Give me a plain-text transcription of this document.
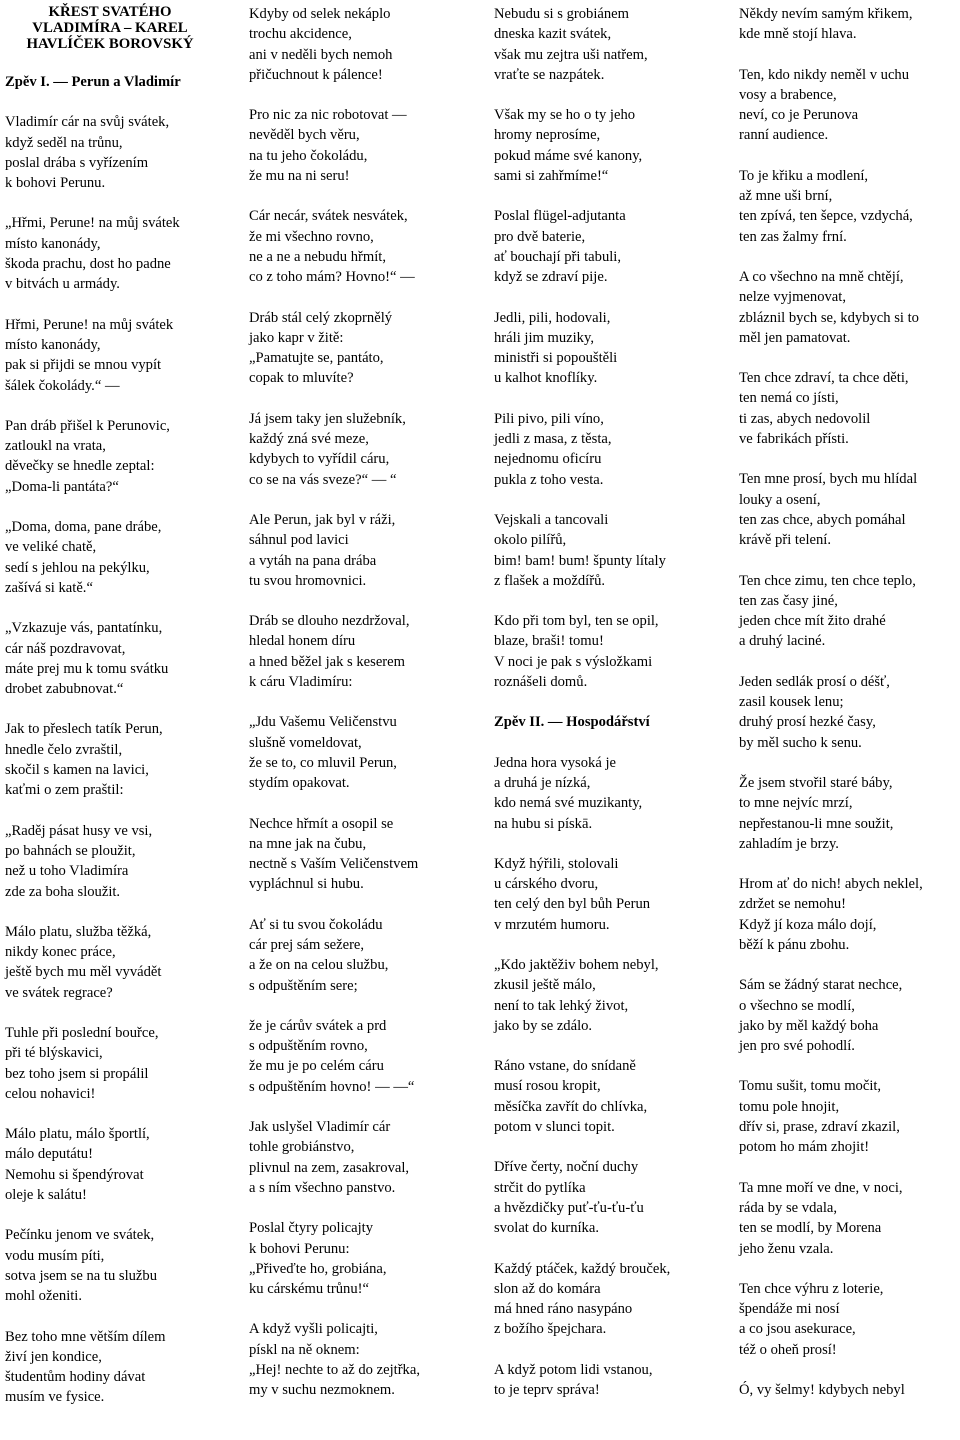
KŘEST SVATÉHO
VLADIMÍRA – KAREL
HAVLÍČEK BOROVSKÝ
Zpěv I. — Perun a Vladimír
Vladimír cár na svůj svátek,
když seděl na trůnu,
poslal drába s vyřízením
k bohovi Perunu.
„Hřmi, Perune! na můj svátek
místo kanonády,
škoda prachu, dost ho padne
v bitvách u armády.
Hřmi, Perune! na můj svátek
místo kanonády,
pak si přijdi se mnou vypít
šálek čokolády.“ —
Pan dráb přišel k Perunovic,
zatloukl na vrata,
děvečky se hnedle zeptal:
„Doma-li pantáta?“
„Doma, doma, pane drábe,
ve veliké chatě,
sedí s jehlou na pekýlku,
zašívá si katě.“
„Vzkazuje vás, pantatínku,
cár náš pozdravovat,
máte prej mu k tomu svátku
drobet zabubnovat.“
Jak to přeslech tatík Perun,
hnedle čelo zvraštil,
skočil s kamen na lavici,
kaťmi o zem praštil:
„Raděj pásat husy ve vsi,
po bahnách se ploužit,
než u toho Vladimíra
zde za boha sloužit.
Málo platu, služba těžká,
nikdy konec práce,
ještě bych mu měl vyvádět
ve svátek regrace?
Tuhle při poslední bouřce,
při té blýskavici,
bez toho jsem si propálil
celou nohavici!
Málo platu, málo športlí,
málo deputátu!
Nemohu si špendýrovat
oleje k salátu!
Pečínku jenom ve svátek,
vodu musím píti,
sotva jsem se na tu službu
mohl oženiti.
Bez toho mne větším dílem
živí jen kondice,
študentům hodiny dávat
musím ve fysice.
Kdyby od selek nekáplo
trochu akcidence,
ani v neděli bych nemoh
přičuchnout k pálence!
Pro nic za nic robotovat —
nevěděl bych věru,
na tu jeho čokoládu,
že mu na ni seru!
Cár necár, svátek nesvátek,
že mi všechno rovno,
ne a ne a nebudu hřmít,
co z toho mám? Hovno!“ —
Dráb stál celý zkoprnělý
jako kapr v žitě:
„Pamatujte se, pantáto,
copak to mluvíte?
Já jsem taky jen služebník,
každý zná své meze,
kdybych to vyřídil cáru,
co se na vás sveze?“ — “
Ale Perun, jak byl v ráži,
sáhnul pod lavici
a vytáh na pana drába
tu svou hromovnici.
Dráb se dlouho nezdržoval,
hledal honem díru
a hned běžel jak s keserem
k cáru Vladimíru:
„Jdu Vašemu Veličenstvu
slušně vomeldovat,
že se to, co mluvil Perun,
stydím opakovat.
Nechce hřmít a osopil se
na mne jak na čubu,
nectně s Vaším Veličenstvem
vypláchnul si hubu.
Ať si tu svou čokoládu
cár prej sám sežere,
a že on na celou službu,
s odpuštěním sere;
že je cárův svátek a prd
s odpuštěním rovno,
že mu je po celém cáru
s odpuštěním hovno! — —“
Jak uslyšel Vladimír cár
tohle grobiánstvo,
plivnul na zem, zasakroval,
a s ním všechno panstvo.
Poslal čtyry policajty
k bohovi Perunu:
„Přiveďte ho, grobiána,
ku cárskému trůnu!“
A když vyšli policajti,
pískl na ně oknem:
„Hej! nechte to až do zejtřka,
my v suchu nezmoknem.
Nebudu si s grobiánem
dneska kazit svátek,
však mu zejtra uši natřem,
vraťte se nazpátek.
Však my se ho o ty jeho
hromy neprosíme,
pokud máme své kanony,
sami si zahřmíme!“
Poslal flügel-adjutanta
pro dvě baterie,
ať bouchají při tabuli,
když se zdraví pije.
Jedli, pili, hodovali,
hráli jim muziky,
ministři si popouštěli
u kalhot knoflíky.
Pili pivo, pili víno,
jedli z masa, z těsta,
nejednomu oficíru
pukla z toho vesta.
Vejskali a tancovali
okolo pilířů,
bim! bam! bum! špunty lítaly
z flašek a moždířů.
Kdo při tom byl, ten se opil,
blaze, braši! tomu!
V noci je pak s výsložkami
roznášeli domů.
Zpěv II. — Hospodářství
Jedna hora vysoká je
a druhá je nízká,
kdo nemá své muzikanty,
na hubu si pískā.
Když hýřili, stolovali
u cárského dvoru,
ten celý den byl bůh Perun
v mrzutém humoru.
„Kdo jaktěživ bohem nebyl,
zkusil ještě málo,
není to tak lehký život,
jako by se zdálo.
Ráno vstane, do snídaně
musí rosou kropit,
měsíčka zavřít do chlívka,
potom v slunci topit.
Dříve čerty, noční duchy
strčit do pytlíka
a hvězdičky puť-ťu-ťu-ťu
svolat do kurníka.
Každý ptáček, každý brouček,
slon až do komára
má hned ráno nasypáno
z božího špejchara.
A když potom lidi vstanou,
to je teprv správa!
Někdy nevím samým křikem,
kde mně stojí hlava.
Ten, kdo nikdy neměl v uchu
vosy a brabence,
neví, co je Perunova
ranní audience.
To je křiku a modlení,
až mne uši brní,
ten zpívá, ten šepce, vzdychá,
ten zas žalmy frní.
A co všechno na mně chtějí,
nelze vyjmenovat,
zbláznil bych se, kdybych si to
měl jen pamatovat.
Ten chce zdraví, ta chce děti,
ten nemá co jísti,
ti zas, abych nedovolil
ve fabrikách přísti.
Ten mne prosí, bych mu hlídal
louky a osení,
ten zas chce, abych pomáhal
krávě při telení.
Ten chce zimu, ten chce teplo,
ten zas časy jiné,
jeden chce mít žito drahé
a druhý laciné.
Jeden sedlák prosí o déšť,
zasil kousek lenu;
druhý prosí hezké časy,
by měl sucho k senu.
Že jsem stvořil staré báby,
to mne nejvíc mrzí,
nepřestanou-li mne soužit,
zahladím je brzy.
Hrom ať do nich! abych neklel,
zdržet se nemohu!
Když jí koza málo dojí,
běží k pánu zbohu.
Sám se žádný starat nechce,
o všechno se modlí,
jako by měl každý boha
jen pro své pohodlí.
Tomu sušit, tomu močit,
tomu pole hnojit,
dřív si, prase, zdraví zkazil,
potom ho mám zhojit!
Ta mne moří ve dne, v noci,
ráda by se vdala,
ten se modlí, by Morena
jeho ženu vzala.
Ten chce výhru z loterie,
špendáže mi nosí
a co jsou asekurace,
též o oheň prosí!
Ó, vy šelmy! kdybych nebyl
